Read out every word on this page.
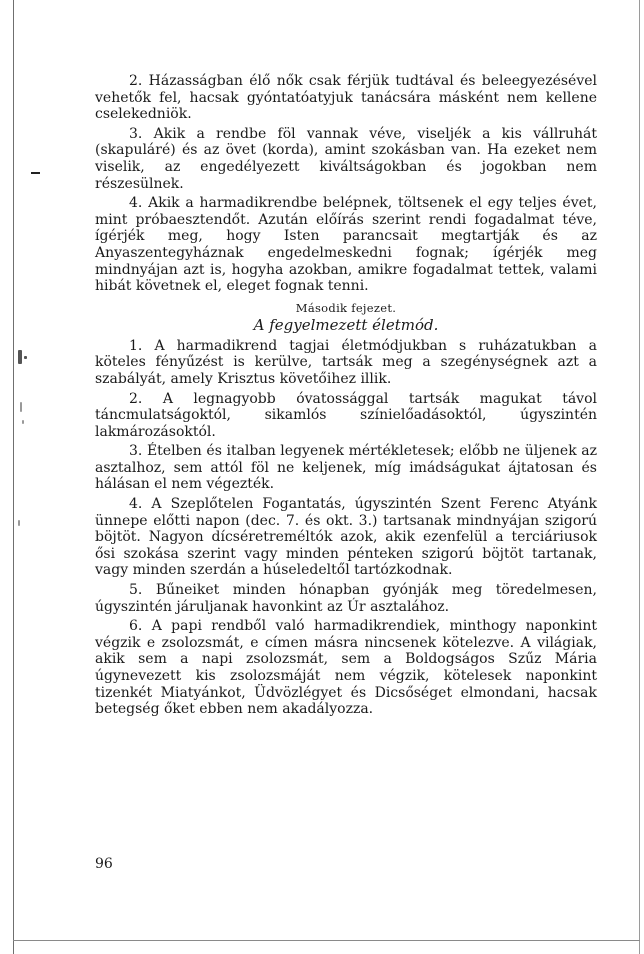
2. Házasságban élő nők csak férjük tudtával és beleegyezésével vehetők fel, hacsak gyóntatóatyjuk tanácsára másként nem kellene cselekedniök.

3. Akik a rendbe föl vannak véve, viseljék a kis vállruhát (skapuláré) és az övet (korda), amint szokásban van. Ha ezeket nem viselik, az engedélyezett kiváltságokban és jogokban nem részesülnek.

4. Akik a harmadikrendbe belépnek, töltsenek el egy teljes évet, mint próbaesztendőt. Azután előírás szerint rendi fogadalmat téve, ígérjék meg, hogy Isten parancsait megtartják és az Anyaszentegyháznak engedelmeskedni fognak; ígérjék meg mindnyájan azt is, hogyha azokban, amikre fogadalmat tettek, valami hibát követnek el, eleget fognak tenni.

Második fejezet.
A fegyelmezett életmód.

1. A harmadikrend tagjai életmódjukban s ruházatukban a köteles fényűzést is kerülve, tartsák meg a szegénységnek azt a szabályát, amely Krisztus követőihez illik.

2. A legnagyobb óvatossággal tartsák magukat távol táncmulatságoktól, sikamlós színielőadásoktól, úgyszintén lakmározásoktól.

3. Ételben és italban legyenek mértékletesek; előbb ne üljenek az asztalhoz, sem attól föl ne keljenek, míg imádságukat ájtatosan és hálásan el nem végezték.

4. A Szeplőtelen Fogantatás, úgyszintén Szent Ferenc Atyánk ünnepe előtti napon (dec. 7. és okt. 3.) tartsanak mindnyájan szigorú böjtöt. Nagyon dícséretreméltók azok, akik ezenfelül a terciáriusok ősi szokása szerint vagy minden pénteken szigorú böjtöt tartanak, vagy minden szerdán a húseledeltől tartózkodnak.

5. Bűneiket minden hónapban gyónják meg töredelmesen, úgyszintén járuljanak havonkint az Úr asztalához.

6. A papi rendből való harmadikrendiek, minthogy naponkint végzik e zsolozsmát, e címen másra nincsenek kötelezve. A világiak, akik sem a napi zsolozsmát, sem a Boldogságos Szűz Mária úgynevezett kis zsolozsmáját nem végzik, kötelesek naponkint tizenkét Miatyánkot, Üdvözlégyet és Dicsőséget elmondani, hacsak betegség őket ebben nem akadályozza.

96
